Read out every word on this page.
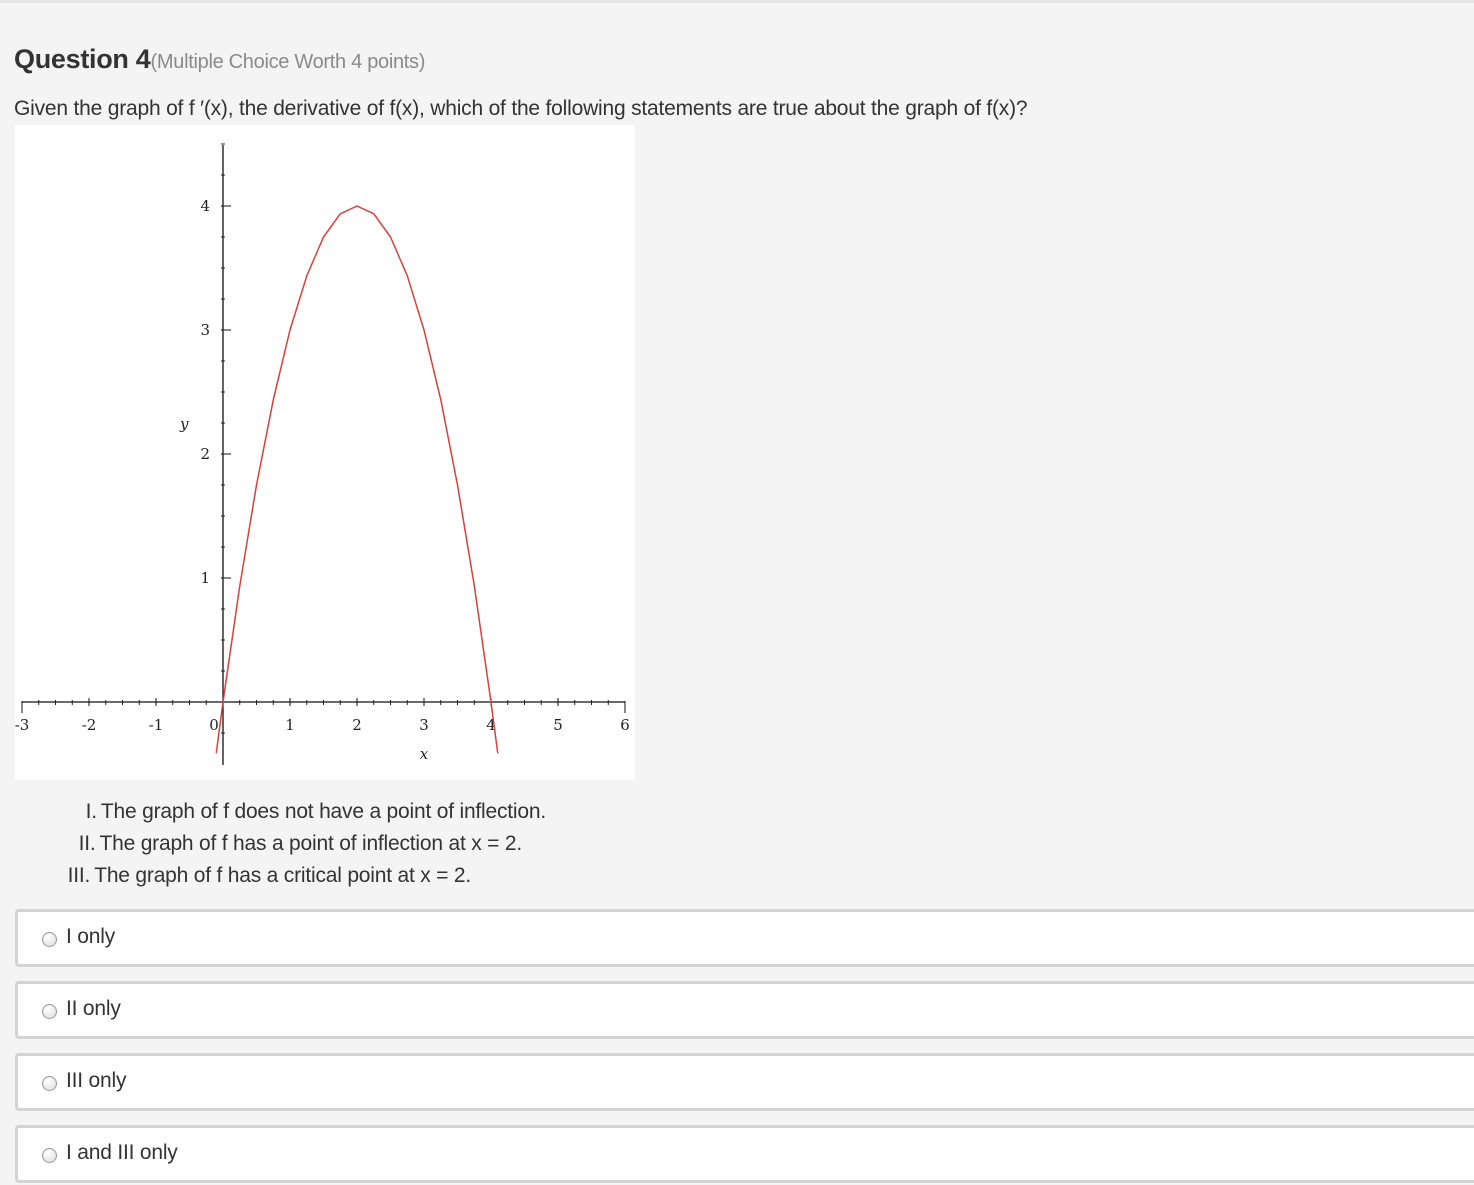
Question 4(Multiple Choice Worth 4 points)
Given the graph of f ′(x), the derivative of f(x), which of the following statements are true about the graph of f(x)?
-3	-2	-1	0	1	2	3	4	5	6
1
2
3
4
x
y
I. The graph of f does not have a point of inflection.
II. The graph of f has a point of inflection at x = 2.
III. The graph of f has a critical point at x = 2.
I only
II only
III only
I and III only
